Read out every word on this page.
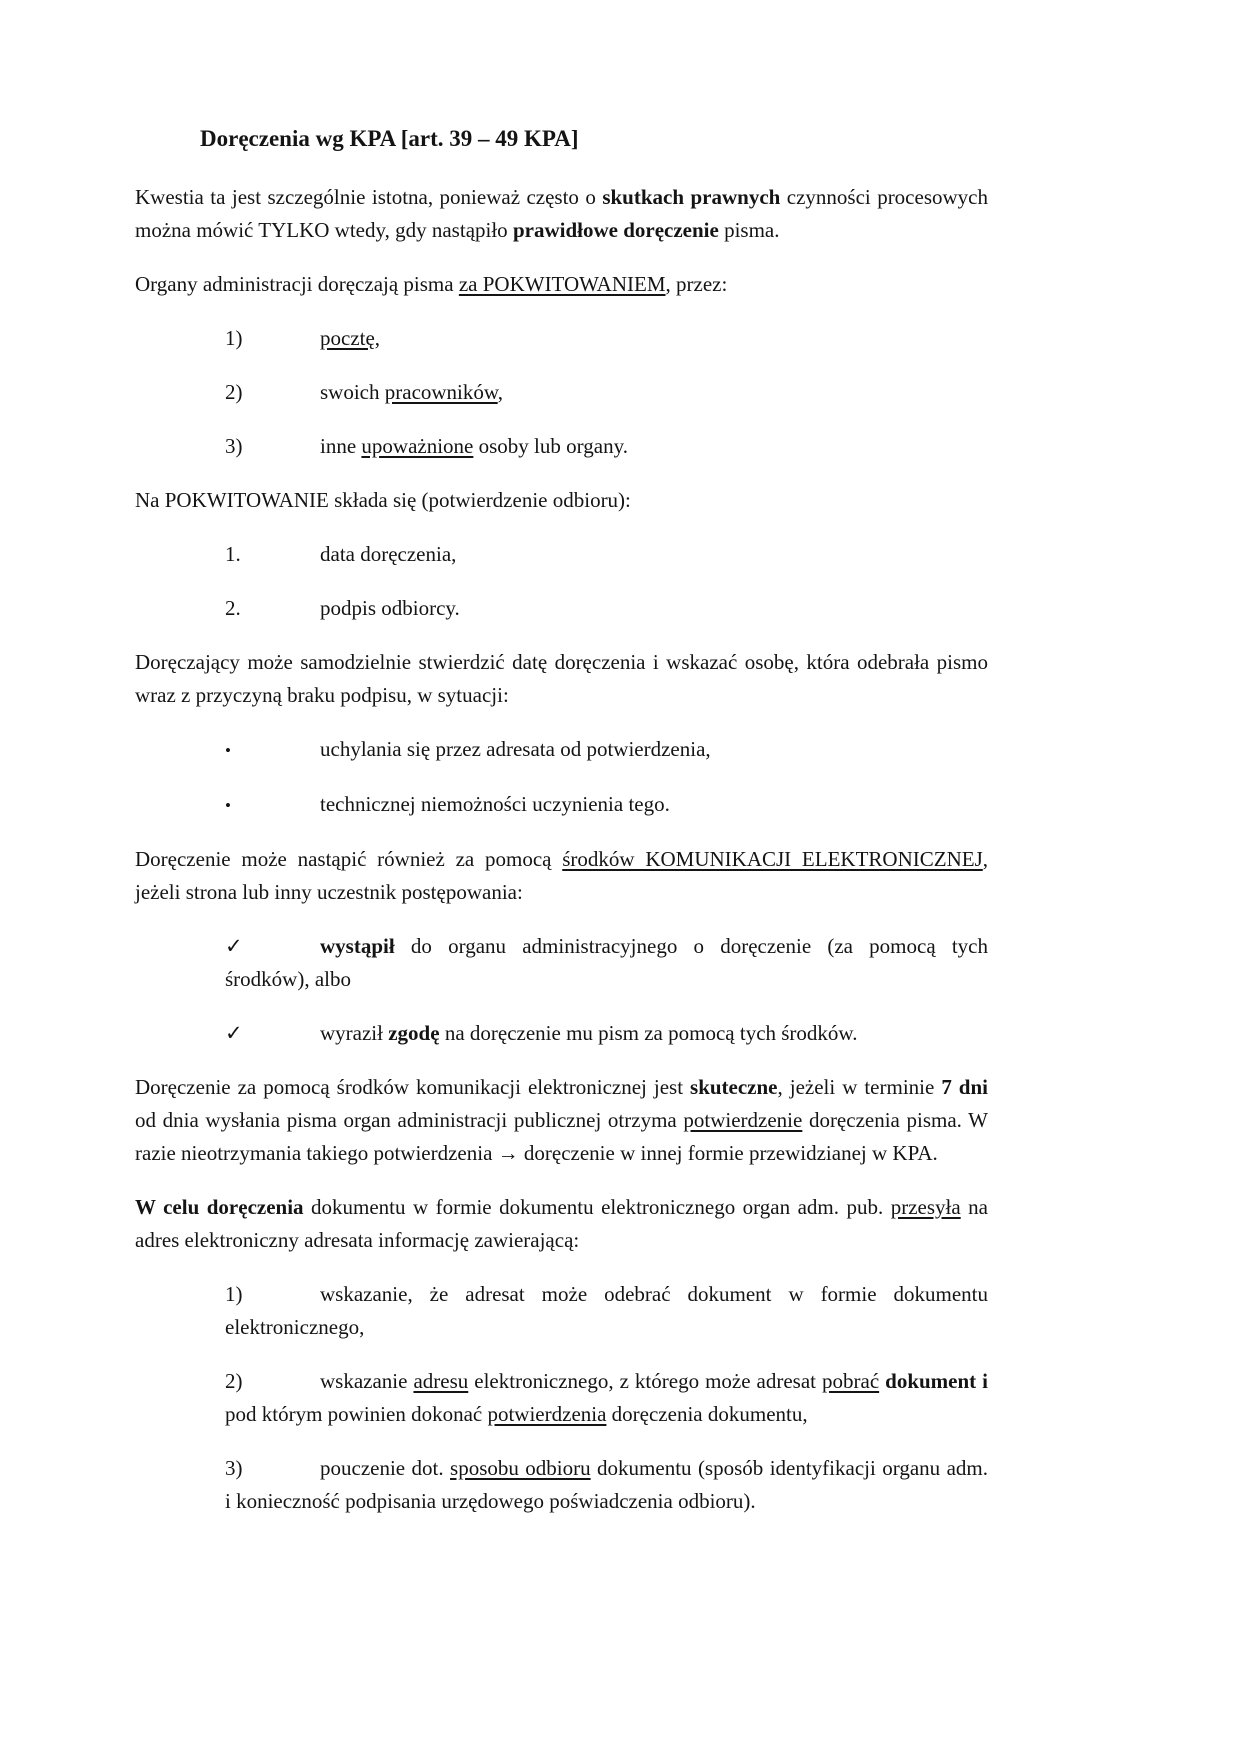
Doręczenia wg KPA [art. 39 – 49 KPA]
Kwestia ta jest szczególnie istotna, ponieważ często o skutkach prawnych czynności procesowych można mówić TYLKO wtedy, gdy nastąpiło prawidłowe doręczenie pisma.
Organy administracji doręczają pisma za POKWITOWANIEM, przez:
1)	pocztę,
2)	swoich pracowników,
3)	inne upoważnione osoby lub organy.
Na POKWITOWANIE składa się (potwierdzenie odbioru):
1.	data doręczenia,
2.	podpis odbiorcy.
Doręczający może samodzielnie stwierdzić datę doręczenia i wskazać osobę, która odebrała pismo wraz z przyczyną braku podpisu, w sytuacji:
•	uchylania się przez adresata od potwierdzenia,
•	technicznej niemożności uczynienia tego.
Doręczenie może nastąpić również za pomocą środków KOMUNIKACJI ELEKTRONICZNEJ, jeżeli strona lub inny uczestnik postępowania:
✓	wystąpił do organu administracyjnego o doręczenie (za pomocą tych środków), albo
✓	wyraził zgodę na doręczenie mu pism za pomocą tych środków.
Doręczenie za pomocą środków komunikacji elektronicznej jest skuteczne, jeżeli w terminie 7 dni od dnia wysłania pisma organ administracji publicznej otrzyma potwierdzenie doręczenia pisma. W razie nieotrzymania takiego potwierdzenia → doręczenie w innej formie przewidzianej w KPA.
W celu doręczenia dokumentu w formie dokumentu elektronicznego organ adm. pub. przesyła na adres elektroniczny adresata informację zawierającą:
1)	wskazanie, że adresat może odebrać dokument w formie dokumentu elektronicznego,
2)	wskazanie adresu elektronicznego, z którego może adresat pobrać dokument i pod którym powinien dokonać potwierdzenia doręczenia dokumentu,
3)	pouczenie dot. sposobu odbioru dokumentu (sposób identyfikacji organu adm. i konieczność podpisania urzędowego poświadczenia odbioru).
